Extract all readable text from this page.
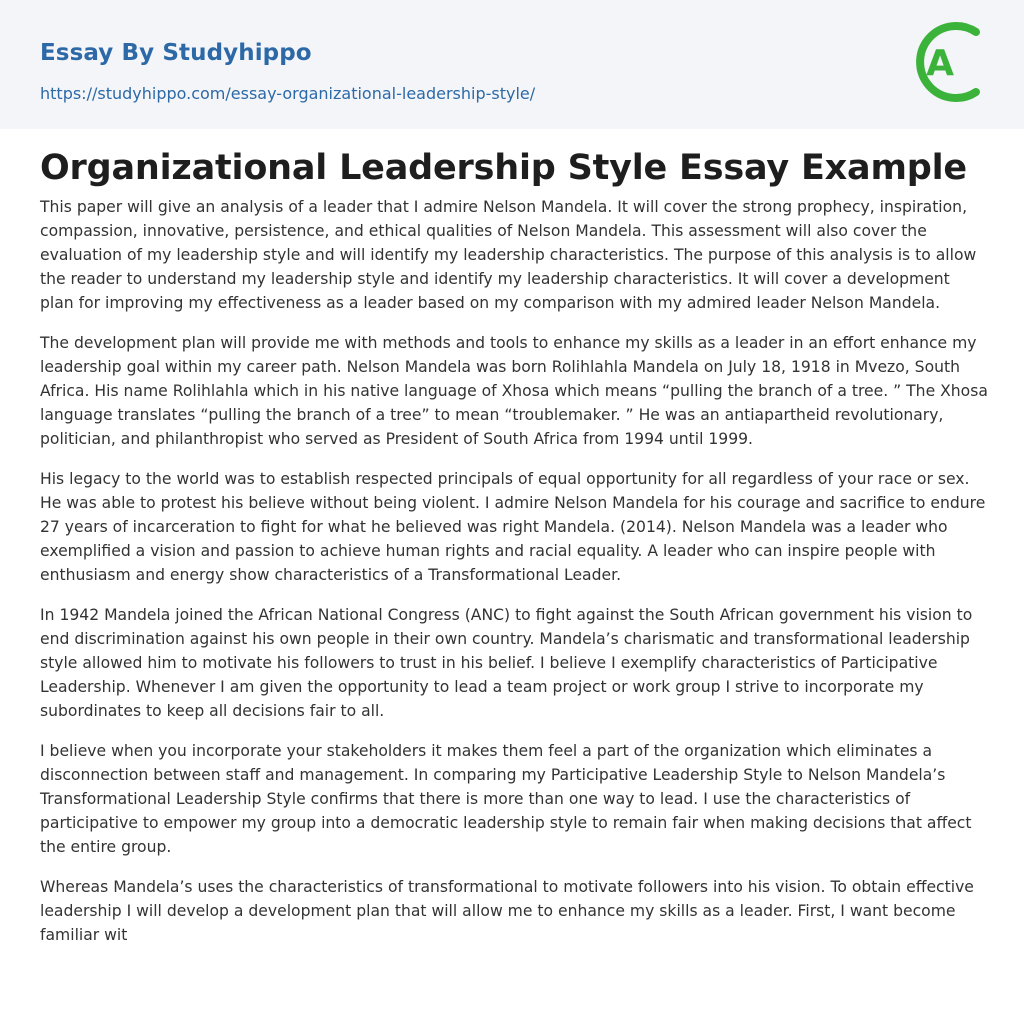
Essay By Studyhippo
https://studyhippo.com/essay-organizational-leadership-style/
A
Organizational Leadership Style Essay Example

This paper will give an analysis of a leader that I admire Nelson Mandela. It will cover the strong prophecy, inspiration, compassion, innovative, persistence, and ethical qualities of Nelson Mandela. This assessment will also cover the evaluation of my leadership style and will identify my leadership characteristics. The purpose of this analysis is to allow the reader to understand my leadership style and identify my leadership characteristics. It will cover a development plan for improving my effectiveness as a leader based on my comparison with my admired leader Nelson Mandela.

The development plan will provide me with methods and tools to enhance my skills as a leader in an effort enhance my leadership goal within my career path. Nelson Mandela was born Rolihlahla Mandela on July 18, 1918 in Mvezo, South Africa. His name Rolihlahla which in his native language of Xhosa which means “pulling the branch of a tree. ” The Xhosa language translates “pulling the branch of a tree” to mean “troublemaker. ” He was an antiapartheid revolutionary, politician, and philanthropist who served as President of South Africa from 1994 until 1999.

His legacy to the world was to establish respected principals of equal opportunity for all regardless of your race or sex. He was able to protest his believe without being violent. I admire Nelson Mandela for his courage and sacrifice to endure 27 years of incarceration to fight for what he believed was right Mandela. (2014). Nelson Mandela was a leader who exemplified a vision and passion to achieve human rights and racial equality. A leader who can inspire people with enthusiasm and energy show characteristics of a Transformational Leader.

In 1942 Mandela joined the African National Congress (ANC) to fight against the South African government his vision to end discrimination against his own people in their own country. Mandela’s charismatic and transformational leadership style allowed him to motivate his followers to trust in his belief. I believe I exemplify characteristics of Participative Leadership. Whenever I am given the opportunity to lead a team project or work group I strive to incorporate my subordinates to keep all decisions fair to all.

I believe when you incorporate your stakeholders it makes them feel a part of the organization which eliminates a disconnection between staff and management. In comparing my Participative Leadership Style to Nelson Mandela’s Transformational Leadership Style confirms that there is more than one way to lead. I use the characteristics of participative to empower my group into a democratic leadership style to remain fair when making decisions that affect the entire group.

Whereas Mandela’s uses the characteristics of transformational to motivate followers into his vision. To obtain effective leadership I will develop a development plan that will allow me to enhance my skills as a leader. First, I want become familiar wit
